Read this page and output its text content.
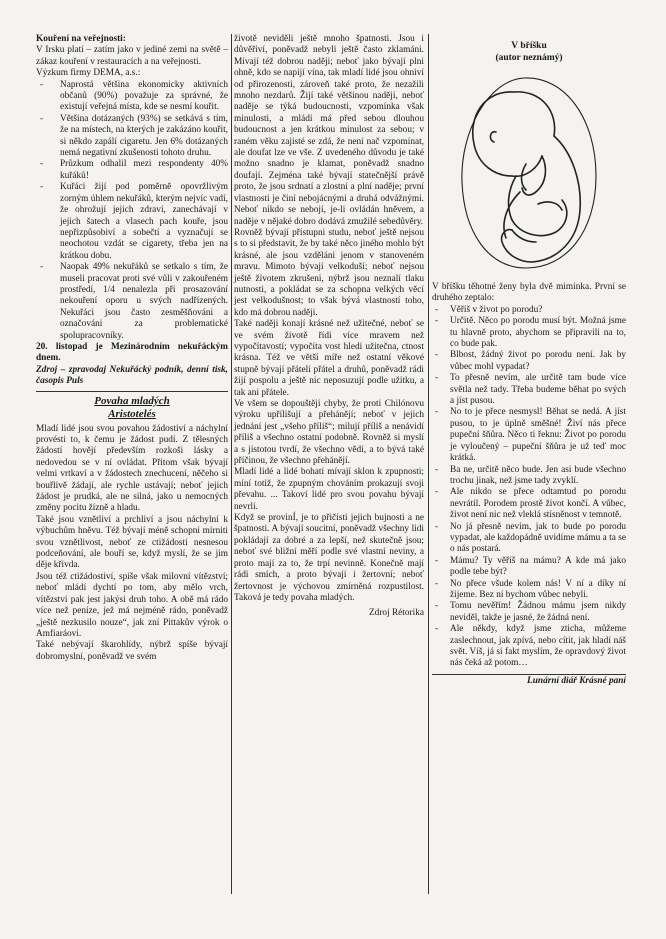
Kouření na veřejnosti:

V Irsku platí – zatím jako v jediné zemi na světě – zákaz kouření v restauracích a na veřejnosti.

Výzkum firmy DEMA, a.s.:

- Naprostá většina ekonomicky aktivních občanů (90%) považuje za správné, že existují veřejná místa, kde se nesmí kouřit.

- Většina dotázaných (93%) se setkává s tím, že na místech, na kterých je zakázáno kouřit, si někdo zapálí cigaretu. Jen 6% dotázaných nemá negativní zkušenosti tohoto druhu.

- Průzkum odhalil mezi respondenty 40% kuřáků!

- Kuřáci žijí pod poměrně opovržlivým zorným úhlem nekuřáků, kterým nejvíc vadí, že ohrožují jejich zdraví, zanechávají v jejich šatech a vlasech pach kouře, jsou nepřizpůsobiví a sobečtí a vyznačují se neochotou vzdát se cigarety, třeba jen na krátkou dobu.

- Naopak 49% nekuřáků se setkalo s tím, že museli pracovat proti své vůli v zakouřeném prostředí, 1/4 nenalezla při prosazování nekouření oporu u svých nadřízených. Nekuřáci jsou často zesměšňováni a označováni za problematické spolupracovníky.

20. listopad je Mezinárodním nekuřáckým dnem.

Zdroj – zpravodaj Nekuřácký podník, denní tisk, časopis Puls

Povaha mladých
Aristotelés

Mladí lidé jsou svou povahou žádostiví a náchylní provésti to, k čemu je žádost pudí. Z tělesných žádostí hovějí především rozkoši lásky a nedovedou se v ní ovládat. Přitom však bývají velmi vrtkaví a v žádostech znechucení, něčeho si bouřlivě žádají, ale rychle ustávají; neboť jejich žádost je prudká, ale ne silná, jako u nemocných změny pocitu žízně a hladu.

Také jsou vznětliví a prchliví a jsou náchylní k výbuchům hněvu. Též bývají méně schopni mírniti svou vznětlivost, neboť ze ctižádosti nesnesou podceňování, ale bouří se, když myslí, že se jim děje křivda.

Jsou též ctižádostiví, spíše však milovní vítězství; neboť mládí dychtí po tom, aby mělo vrch, vítězství pak jest jakýsi druh toho. A obě má rádo více než peníze, jež má nejméně rádo, poněvadž „ještě nezkusilo nouze“, jak zní Pittakův výrok o Amfiaráovi.

Také nebývají škarohlídy, nýbrž spíše bývají dobromyslní, poněvadž ve svém

životě neviděli ještě mnoho špatnosti. Jsou i důvěřiví, poněvadž nebyli ještě často zklamáni. Mívají též dobrou naději; neboť jako bývají plni ohně, kdo se napijí vína, tak mladí lidé jsou ohniví od přirozenosti, zároveň také proto, že nezažili mnoho nezdarů. Žijí také většinou nadějí, neboť naděje se týká budoucnosti, vzpomínka však minulosti, a mládí má před sebou dlouhou budoucnost a jen krátkou minulost za sebou; v raném věku zajisté se zdá, že není nač vzpomínat, ale doufat lze ve vše. Z uvedeného důvodu je také možno snadno je klamat, poněvadž snadno doufají. Zejména také bývají statečnější právě proto, že jsou srdnatí a zlostní a plní naděje; první vlastnosti je činí nebojácnými a druhá odvážnými. Neboť nikdo se nebojí, je-li ovládán hněvem, a naděje v nějaké dobro dodává zmužilé sebedůvěry.

Rovněž bývají přístupni studu, neboť ještě nejsou s to si představit, že by také něco jiného mohlo být krásné, ale jsou vzděláni jenom v stanoveném mravu. Mimoto bývají velkoduší; neboť nejsou ještě životem zkrušeni, nýbrž jsou neznalí tlaku nutnosti, a pokládat se za schopna velkých věcí jest velkodušnost; to však bývá vlastností toho, kdo má dobrou naději.

Také naději konají krásné než užitečné, neboť se ve svém životě řídí více mravem než vypočítavostí; vypočíta vost hledí užitečna, ctnost krásna. Též ve větší míře než ostatní věkové stupně bývají přáteli přátel a druhů, poněvadž rádi žijí pospolu a ještě nic neposuzují podle užitku, a tak ani přátele.

Ve všem se dopouštějí chyby, že proti Chilónovu výroku upřílišují a přehánějí; neboť v jejich jednání jest „všeho příliš“; milují příliš a nenávidí příliš a všechno ostatní podobně. Rovněž si myslí a s jistotou tvrdí, že všechno vědí, a to bývá také příčinou, že všechno přehánějí.

Mladí lidé a lidé bohatí mívají sklon k zpupnosti; míní totiž, že zpupným chováním prokazují svoji převahu. ... Takoví lidé pro svou povahu bývají nevrlí.

Když se provinÍ, je to přičísti jejich bujnosti a ne špatnosti. A bývají soucitní, poněvadž všechny lidi pokládají za dobré a za lepší, než skutečně jsou; neboť své bližní měří podle své vlastní neviny, a proto mají za to, že trpí nevinně. Konečně mají rádi smích, a proto bývají i žertovní; neboť žertovnost je výchovou zmírněná rozpustilost. Taková je tedy povaha mladých.

Zdroj Rétorika

V bříšku
(autor neznámý)

V bříšku těhotné ženy byla dvě miminka. První se druhého zeptalo:

- Věříš v život po porodu?

- Určitě. Něco po porodu musí být. Možná jsme tu hlavně proto, abychom se připravili na to, co bude pak.

- Blbost, žádný život po porodu není. Jak by vůbec mohl vypadat?

- To přesně nevím, ale určitě tam bude více světla než tady. Třeba budeme běhat po svých a jíst pusou.

- No to je přece nesmysl! Běhat se nedá. A jíst pusou, to je úplně směšné! Živí nás přece pupeční šňůra. Něco ti řeknu: Život po porodu je vyloučený – pupeční šňůra je už teď moc krátká.

- Ba ne, určitě něco bude. Jen asi bude všechno trochu jinak, než jsme tady zvyklí.

- Ale nikdo se přece odtamtud po porodu nevrátil. Porodem prostě život končí. A vůbec, život není nic než vleklá stísněnost v temnotě.

- No já přesně nevím, jak to bude po porodu vypadat, ale každopádně uvidíme mámu a ta se o nás postará.

- Mámu? Ty věříš na mámu? A kde má jako podle tebe být?

- No přece všude kolem nás! V ní a díky ní žijeme. Bez ní bychom vůbec nebyli.

- Tomu nevěřím! Žádnou mámu jsem nikdy neviděl, takže je jasné, že žádná není.

- Ale někdy, když jsme zticha, můžeme zaslechnout, jak zpívá, nebo cítit, jak hladí náš svět. Víš, já si fakt myslím, že opravdový život nás čeká až potom…

Lunární diář Krásné paní
